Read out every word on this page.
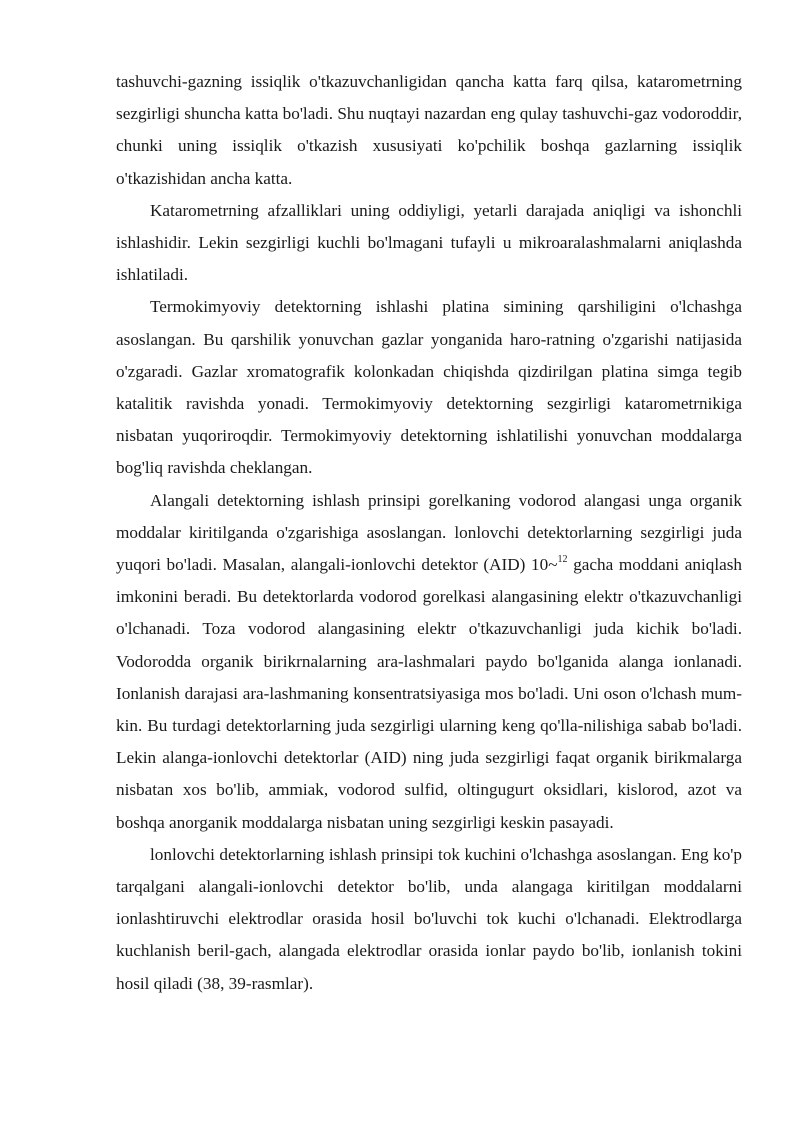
tashuvchi-gazning issiqlik o'tkazuvchanligidan qancha katta farq qilsa, katarometrning sezgirligi shuncha katta bo'ladi. Shu nuqtayi nazardan eng qulay tashuvchi-gaz vodoroddir, chunki uning issiqlik o'tkazish xususiyati ko'pchilik boshqa gazlarning issiqlik o'tkazishidan ancha katta.

Katarometrning afzalliklari uning oddiyligi, yetarli darajada aniqligi va ishonchli ishlashidir. Lekin sezgirligi kuchli bo'lmagani tufayli u mikroaralashmalarni aniqlashda ishlatiladi.

Termokimyoviy detektorning ishlashi platina simining qarshiligini o'lchashga asoslangan. Bu qarshilik yonuvchan gazlar yonganida haro-ratning o'zgarishi natijasida o'zgaradi. Gazlar xromatografik kolonkadan chiqishda qizdirilgan platina simga tegib katalitik ravishda yonadi. Termokimyoviy detektorning sezgirligi katarometrnikiga nisbatan yuqoriroqdir. Termokimyoviy detektorning ishlatilishi yonuvchan moddalarga bog'liq ravishda cheklangan.

Alangali detektorning ishlash prinsipi gorelkaning vodorod alangasi unga organik moddalar kiritilganda o'zgarishiga asoslangan. lonlovchi detektorlarning sezgirligi juda yuqori bo'ladi. Masalan, alangali-ionlovchi detektor (AID) 10~$^{12}$ gacha moddani aniqlash imkonini beradi. Bu detektorlarda vodorod gorelkasi alangasining elektr o'tkazuvchanligi o'lchanadi. Toza vodorod alangasining elektr o'tkazuvchanligi juda kichik bo'ladi. Vodorodda organik birikrnalarning ara-lashmalari paydo bo'lganida alanga ionlanadi. Ionlanish darajasi ara-lashmaning konsentratsiyasiga mos bo'ladi. Uni oson o'lchash mum-kin. Bu turdagi detektorlarning juda sezgirligi ularning keng qo'lla-nilishiga sabab bo'ladi. Lekin alanga-ionlovchi detektorlar (AID) ning juda sezgirligi faqat organik birikmalarga nisbatan xos bo'lib, ammiak, vodorod sulfid, oltingugurt oksidlari, kislorod, azot va boshqa anorganik moddalarga nisbatan uning sezgirligi keskin pasayadi.

lonlovchi detektorlarning ishlash prinsipi tok kuchini o'lchashga asoslangan. Eng ko'p tarqalgani alangali-ionlovchi detektor bo'lib, unda alangaga kiritilgan moddalarni ionlashtiruvchi elektrodlar orasida hosil bo'luvchi tok kuchi o'lchanadi. Elektrodlarga kuchlanish beril-gach, alangada elektrodlar orasida ionlar paydo bo'lib, ionlanish tokini hosil qiladi (38, 39-rasmlar).
